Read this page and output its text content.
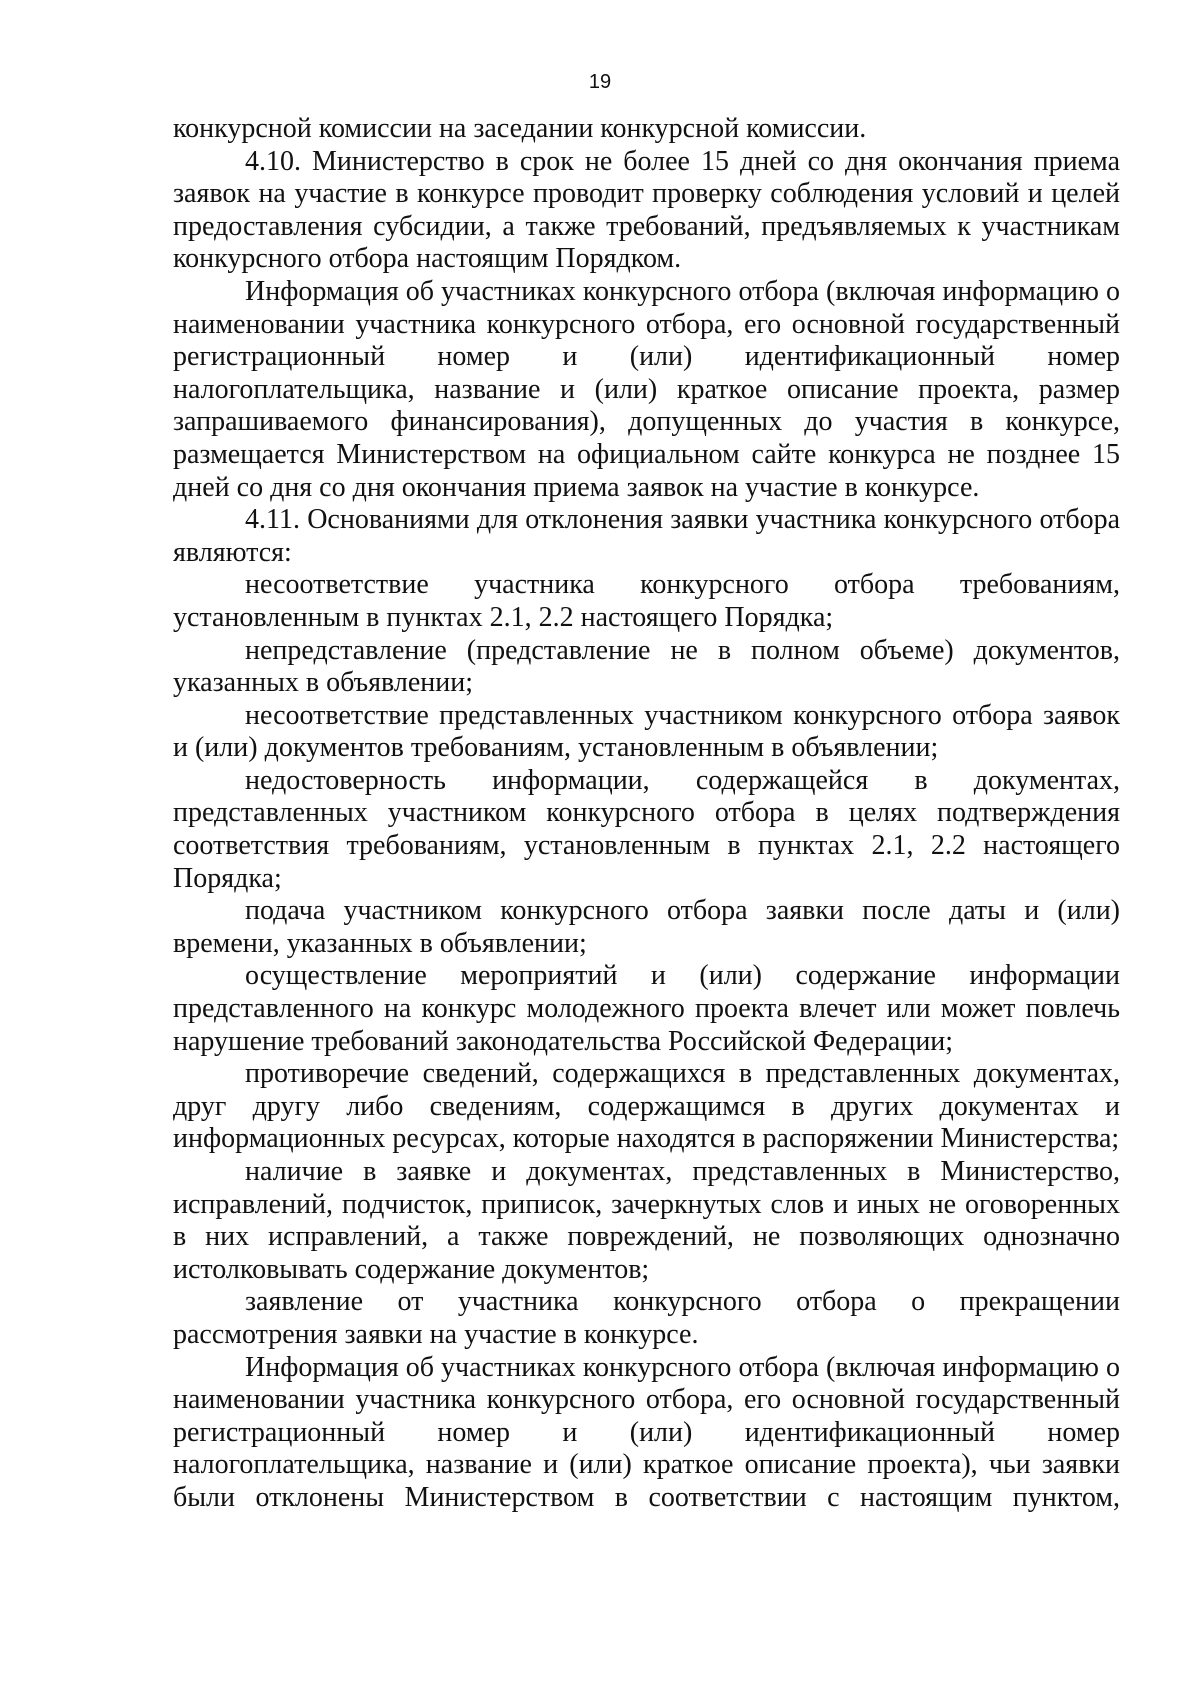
19

конкурсной комиссии на заседании конкурсной комиссии.

4.10. Министерство в срок не более 15 дней со дня окончания приема заявок на участие в конкурсе проводит проверку соблюдения условий и целей предоставления субсидии, а также требований, предъявляемых к участникам конкурсного отбора настоящим Порядком.

Информация об участниках конкурсного отбора (включая информацию о наименовании участника конкурсного отбора, его основной государственный регистрационный номер и (или) идентификационный номер налогоплательщика, название и (или) краткое описание проекта, размер запрашиваемого финансирования), допущенных до участия в конкурсе, размещается Министерством на официальном сайте конкурса не позднее 15 дней со дня со дня окончания приема заявок на участие в конкурсе.

4.11. Основаниями для отклонения заявки участника конкурсного отбора являются:

несоответствие участника конкурсного отбора требованиям, установленным в пунктах 2.1, 2.2 настоящего Порядка;

непредставление (представление не в полном объеме) документов, указанных в объявлении;

несоответствие представленных участником конкурсного отбора заявок и (или) документов требованиям, установленным в объявлении;

недостоверность информации, содержащейся в документах, представленных участником конкурсного отбора в целях подтверждения соответствия требованиям, установленным в пунктах 2.1, 2.2 настоящего Порядка;

подача участником конкурсного отбора заявки после даты и (или) времени, указанных в объявлении;

осуществление мероприятий и (или) содержание информации представленного на конкурс молодежного проекта влечет или может повлечь нарушение требований законодательства Российской Федерации;

противоречие сведений, содержащихся в представленных документах, друг другу либо сведениям, содержащимся в других документах и информационных ресурсах, которые находятся в распоряжении Министерства;

наличие в заявке и документах, представленных в Министерство, исправлений, подчисток, приписок, зачеркнутых слов и иных не оговоренных в них исправлений, а также повреждений, не позволяющих однозначно истолковывать содержание документов;

заявление от участника конкурсного отбора о прекращении рассмотрения заявки на участие в конкурсе.

Информация об участниках конкурсного отбора (включая информацию о наименовании участника конкурсного отбора, его основной государственный регистрационный номер и (или) идентификационный номер налогоплательщика, название и (или) краткое описание проекта), чьи заявки были отклонены Министерством в соответствии с настоящим пунктом,
